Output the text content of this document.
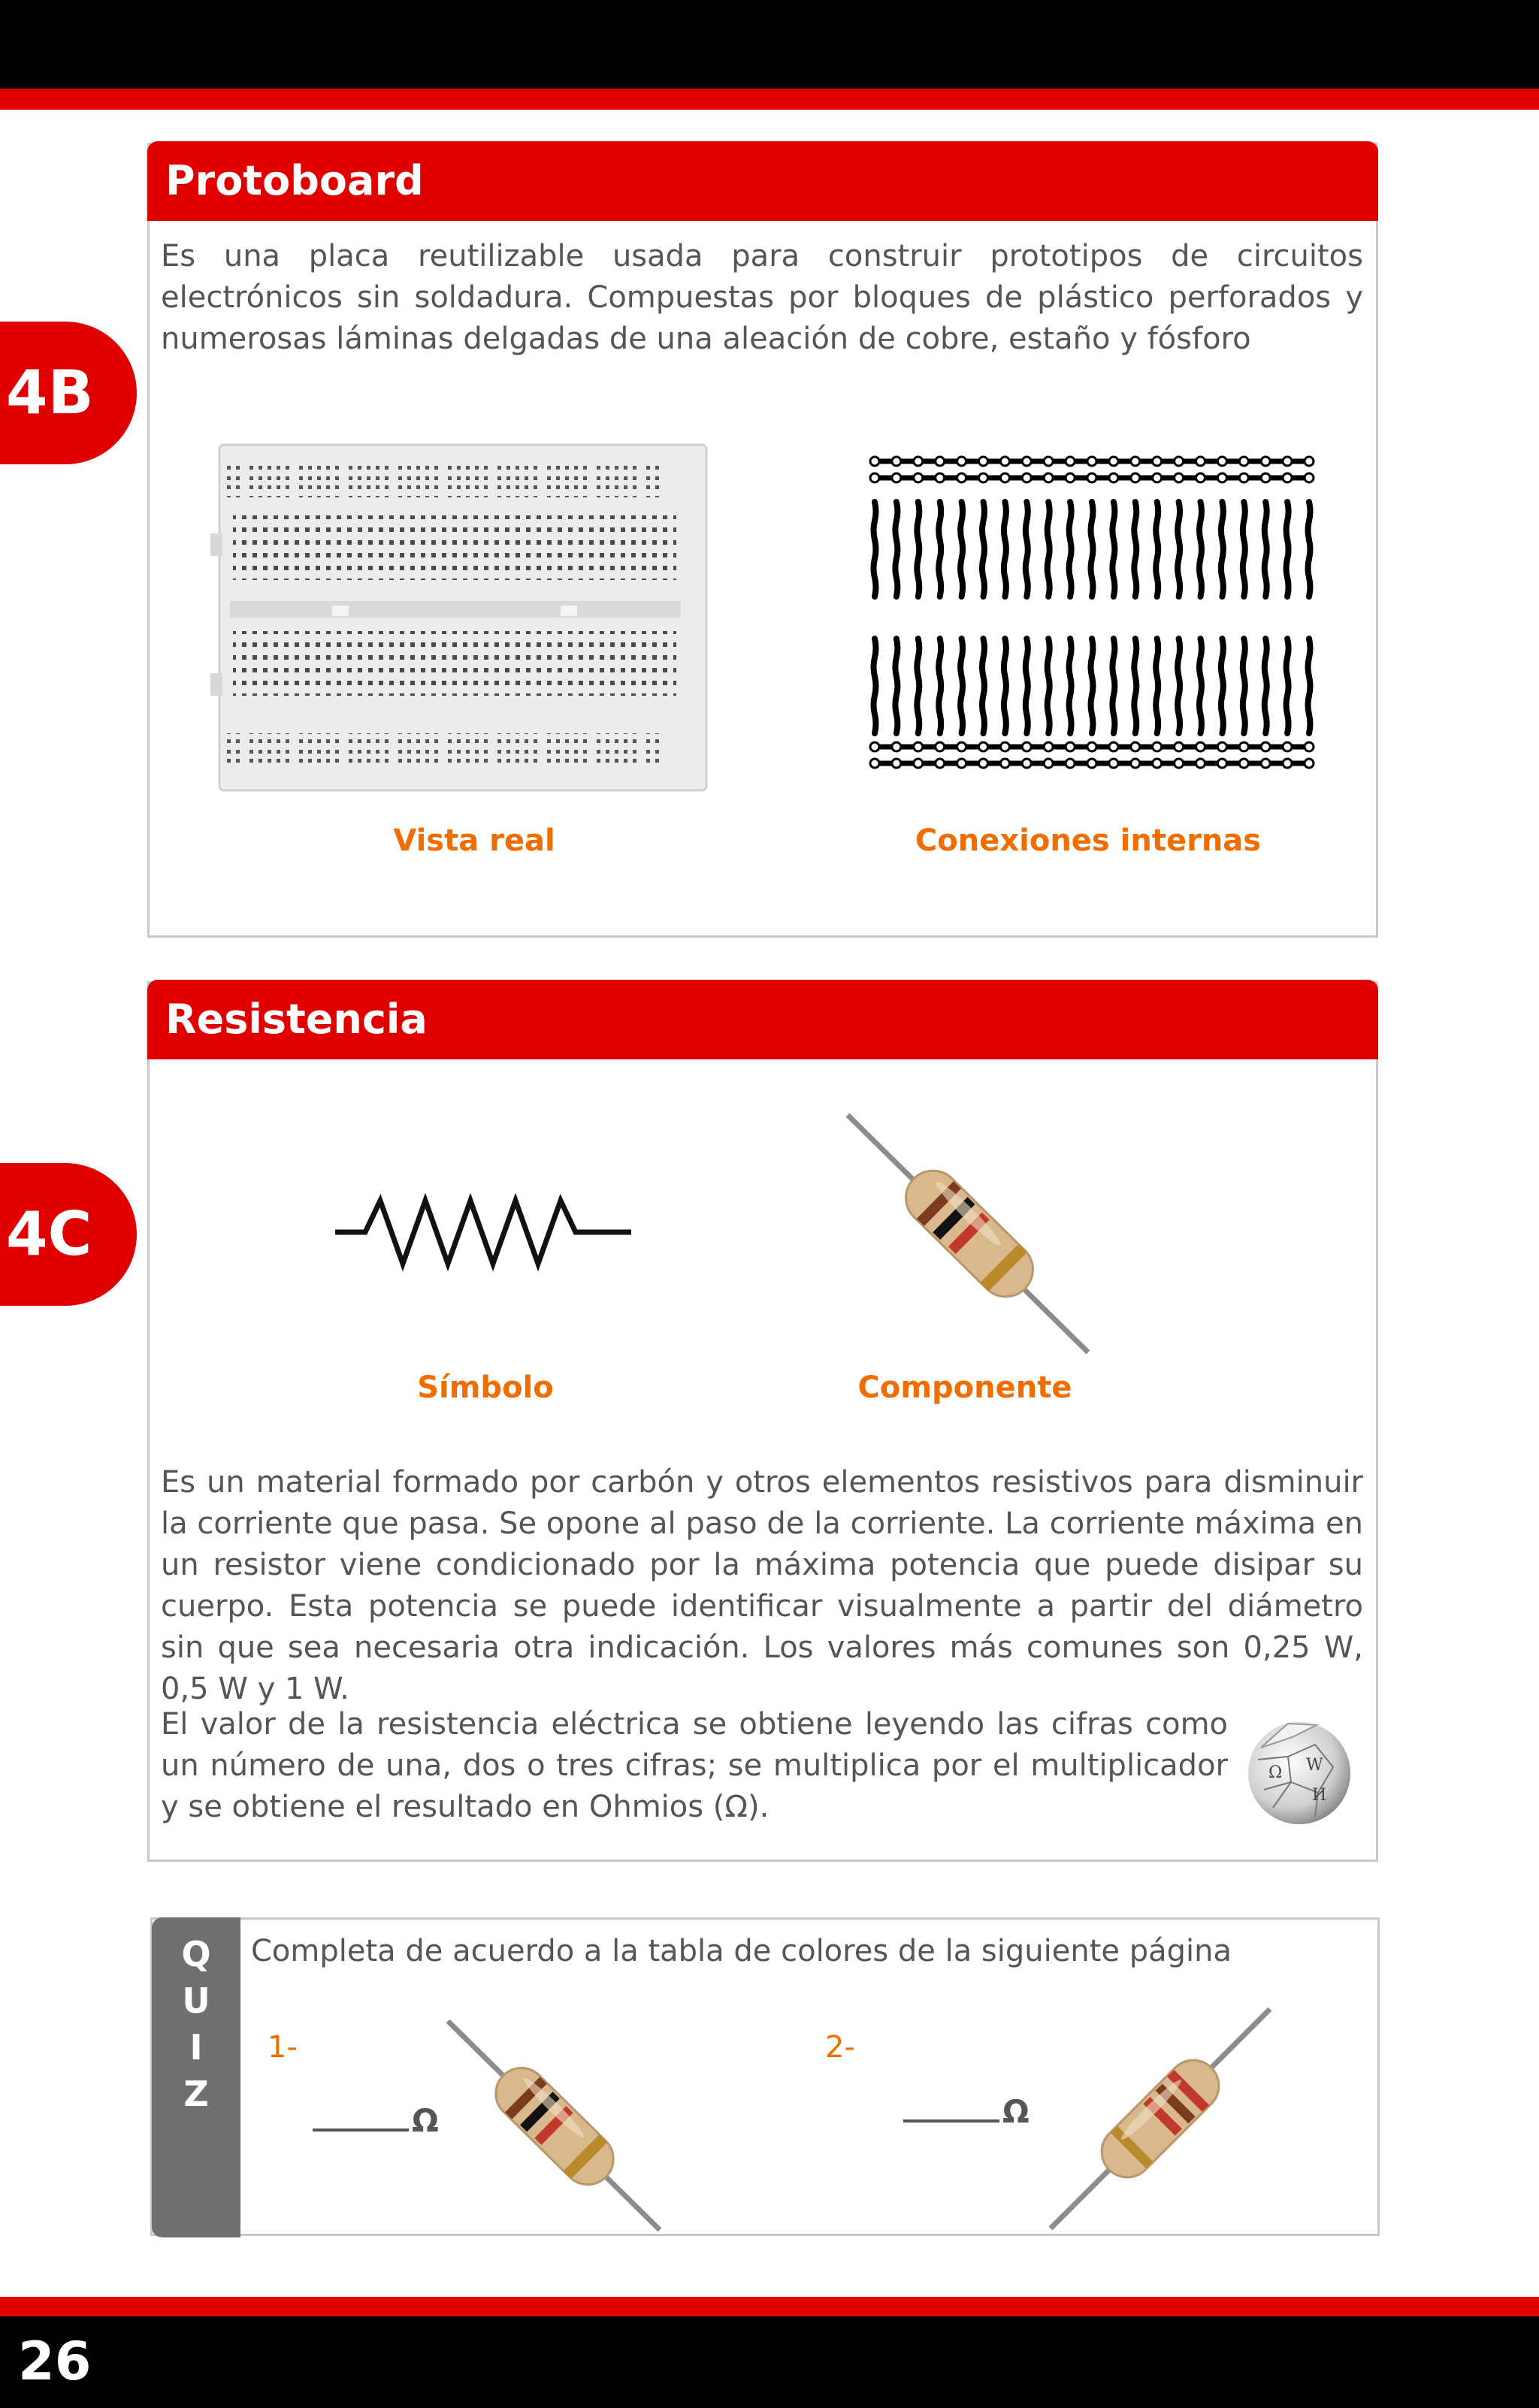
4B
Protoboard
Es una placa reutilizable usada para construir prototipos de circuitos electrónicos sin soldadura. Compuestas por bloques de plástico perforados y numerosas láminas delgadas de una aleación de cobre, estaño y fósforo
Vista real	Conexiones internas
4C
Resistencia
Símbolo	Componente
Es un material formado por carbón y otros elementos resistivos para disminuir la corriente que pasa. Se opone al paso de la corriente. La corriente máxima en un resistor viene condicionado por la máxima potencia que puede disipar su cuerpo. Esta potencia se puede identificar visualmente a partir del diámetro sin que sea necesaria otra indicación. Los valores más comunes son 0,25 W, 0,5 W y 1 W.
El valor de la resistencia eléctrica se obtiene leyendo las cifras como un número de una, dos o tres cifras; se multiplica por el multiplicador y se obtiene el resultado en Ohmios (Ω).
Ω W
И
Q
U
I
Z
Completa de acuerdo a la tabla de colores de la siguiente página
1-
Ω
2-
Ω
26
